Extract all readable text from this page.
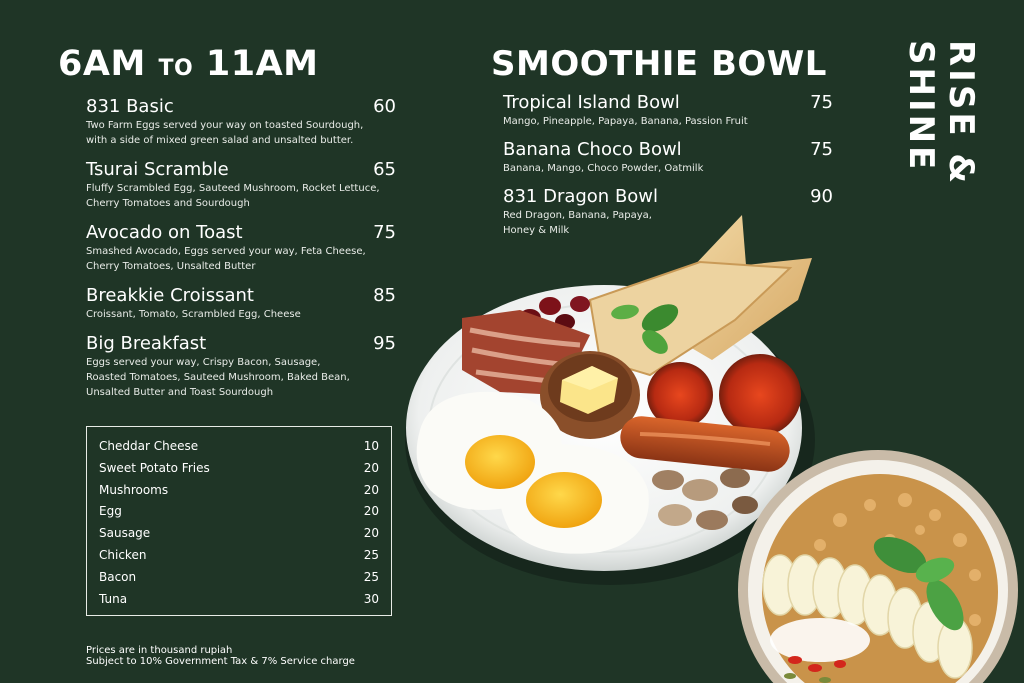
6AM TO 11AM	SMOOTHIE BOWL	RISE & SHINE
831 Basic	60
Two Farm Eggs served your way on toasted Sourdough,
with a side of mixed green salad and unsalted butter.
Tsurai Scramble	65
Fluffy Scrambled Egg, Sauteed Mushroom, Rocket Lettuce,
Cherry Tomatoes and Sourdough
Avocado on Toast	75
Smashed Avocado, Eggs served your way, Feta Cheese,
Cherry Tomatoes, Unsalted Butter
Breakkie Croissant	85
Croissant, Tomato, Scrambled Egg, Cheese
Big Breakfast	95
Eggs served your way, Crispy Bacon, Sausage,
Roasted Tomatoes, Sauteed Mushroom, Baked Bean,
Unsalted Butter and Toast Sourdough
Tropical Island Bowl	75
Mango, Pineapple, Papaya, Banana, Passion Fruit
Banana Choco Bowl	75
Banana, Mango, Choco Powder, Oatmilk
831 Dragon Bowl	90
Red Dragon, Banana, Papaya,
Honey & Milk
Cheddar Cheese	10
Sweet Potato Fries	20
Mushrooms	20
Egg	20
Sausage	20
Chicken	25
Bacon	25
Tuna	30
Prices are in thousand rupiah
Subject to 10% Government Tax & 7% Service charge
